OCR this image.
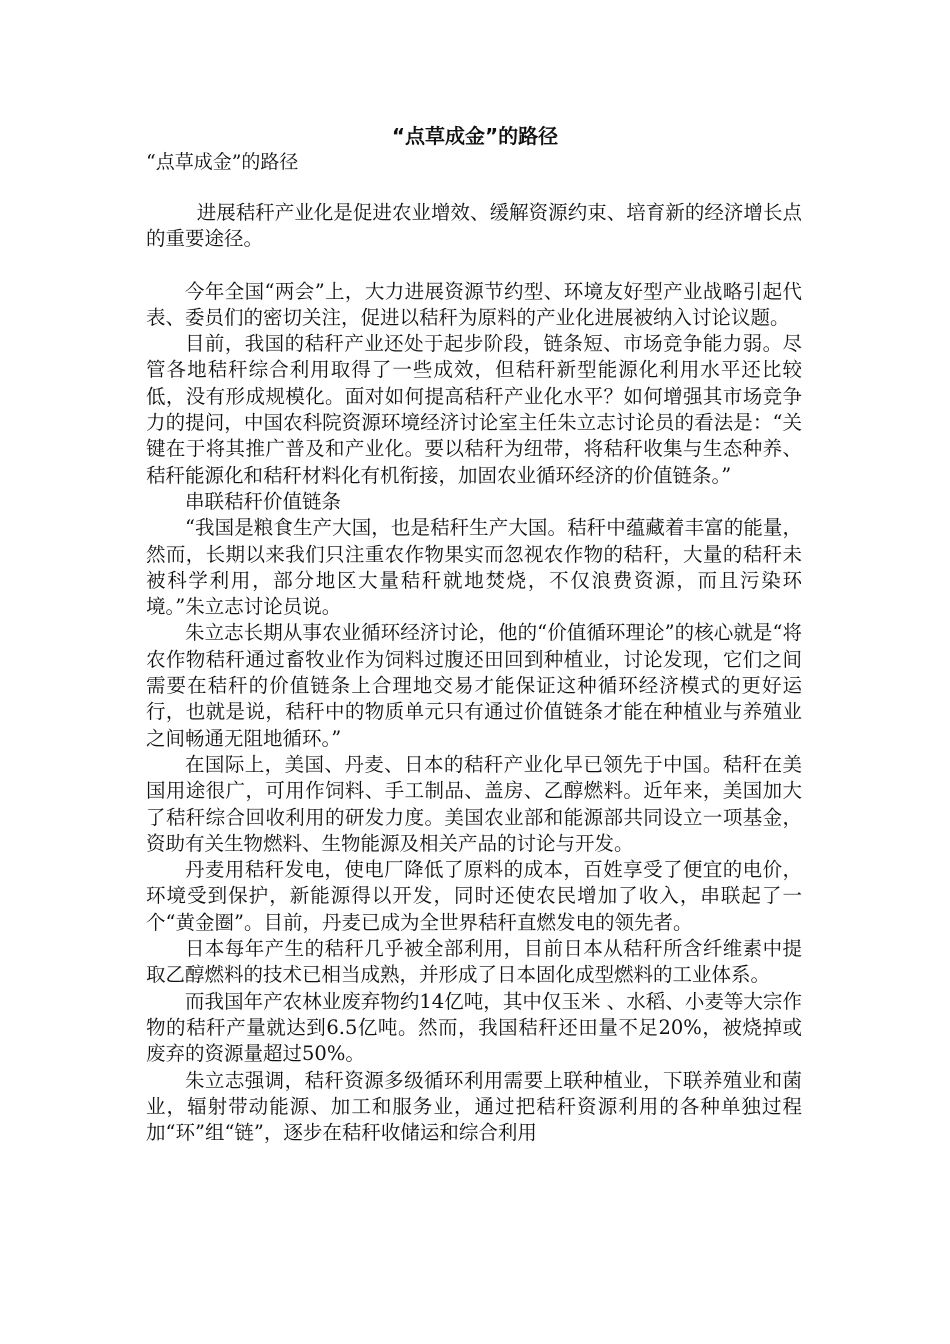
“点草成金”的路径
“点草成金”的路径

进展秸秆产业化是促进农业增效、缓解资源约束、培育新的经济增长点的重要途径。

今年全国“两会”上，大力进展资源节约型、环境友好型产业战略引起代表、委员们的密切关注，促进以秸秆为原料的产业化进展被纳入讨论议题。

目前，我国的秸秆产业还处于起步阶段，链条短、市场竞争能力弱。尽管各地秸秆综合利用取得了一些成效，但秸秆新型能源化利用水平还比较低，没有形成规模化。面对如何提高秸秆产业化水平？如何增强其市场竞争力的提问，中国农科院资源环境经济讨论室主任朱立志讨论员的看法是：“关键在于将其推广普及和产业化。要以秸秆为纽带，将秸秆收集与生态种养、秸秆能源化和秸秆材料化有机衔接，加固农业循环经济的价值链条。”

串联秸秆价值链条

“我国是粮食生产大国，也是秸秆生产大国。秸秆中蕴藏着丰富的能量，然而，长期以来我们只注重农作物果实而忽视农作物的秸秆，大量的秸秆未被科学利用，部分地区大量秸秆就地焚烧，不仅浪费资源，而且污染环境。”朱立志讨论员说。

朱立志长期从事农业循环经济讨论，他的“价值循环理论”的核心就是“将农作物秸秆通过畜牧业作为饲料过腹还田回到种植业，讨论发现，它们之间需要在秸秆的价值链条上合理地交易才能保证这种循环经济模式的更好运行，也就是说，秸秆中的物质单元只有通过价值链条才能在种植业与养殖业之间畅通无阻地循环。”

在国际上，美国、丹麦、日本的秸秆产业化早已领先于中国。秸秆在美国用途很广，可用作饲料、手工制品、盖房、乙醇燃料。近年来，美国加大了秸秆综合回收利用的研发力度。美国农业部和能源部共同设立一项基金，资助有关生物燃料、生物能源及相关产品的讨论与开发。

丹麦用秸秆发电，使电厂降低了原料的成本，百姓享受了便宜的电价，环境受到保护，新能源得以开发，同时还使农民增加了收入，串联起了一个“黄金圈”。目前，丹麦已成为全世界秸秆直燃发电的领先者。

日本每年产生的秸秆几乎被全部利用，目前日本从秸秆所含纤维素中提取乙醇燃料的技术已相当成熟，并形成了日本固化成型燃料的工业体系。

而我国年产农林业废弃物约14亿吨，其中仅玉米 、水稻、小麦等大宗作物的秸秆产量就达到6.5亿吨。然而，我国秸秆还田量不足20%，被烧掉或废弃的资源量超过50%。

朱立志强调，秸秆资源多级循环利用需要上联种植业，下联养殖业和菌业，辐射带动能源、加工和服务业，通过把秸秆资源利用的各种单独过程加“环”组“链”，逐步在秸秆收储运和综合利用
